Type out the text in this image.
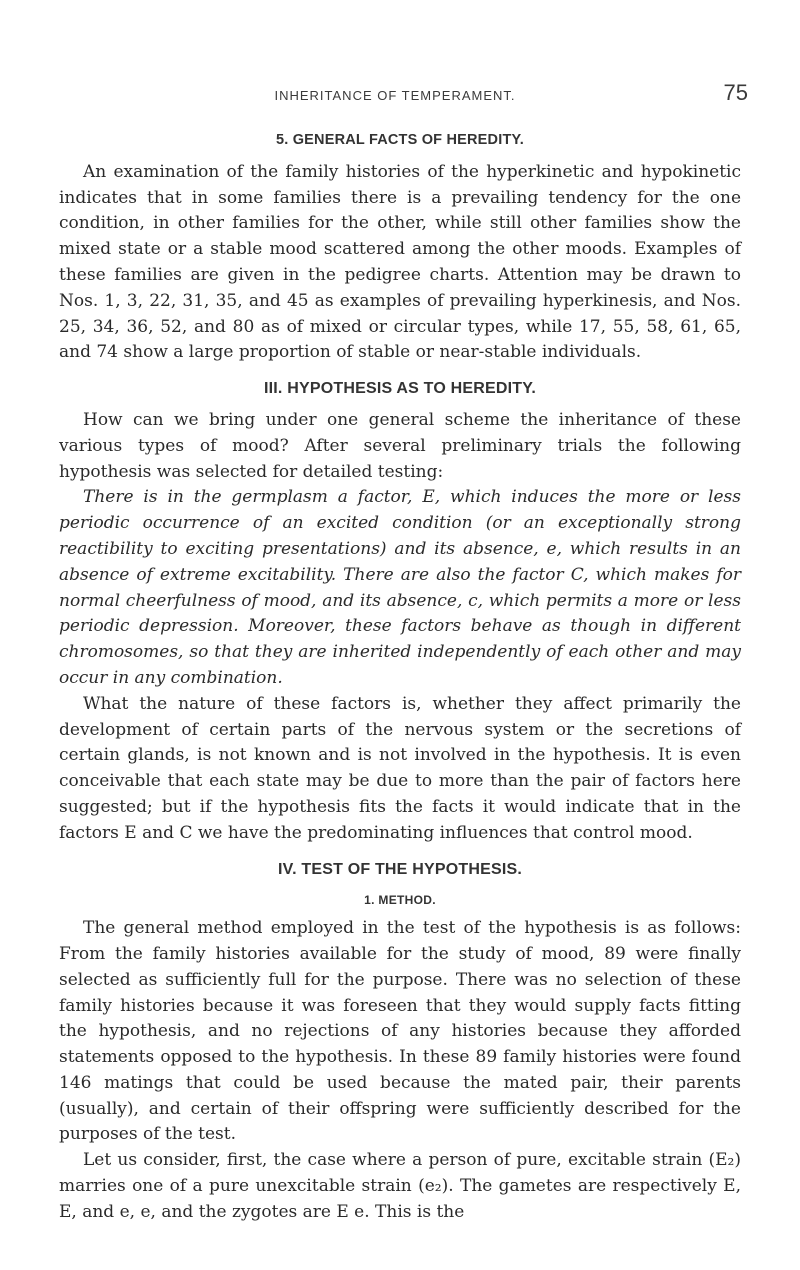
INHERITANCE OF TEMPERAMENT.	75
5. GENERAL FACTS OF HEREDITY.

An examination of the family histories of the hyperkinetic and hypokinetic indicates that in some families there is a prevailing tendency for the one condition, in other families for the other, while still other families show the mixed state or a stable mood scattered among the other moods. Examples of these families are given in the pedigree charts. Attention may be drawn to Nos. 1, 3, 22, 31, 35, and 45 as examples of prevailing hyperkinesis, and Nos. 25, 34, 36, 52, and 80 as of mixed or circular types, while 17, 55, 58, 61, 65, and 74 show a large proportion of stable or near-stable individuals.

III. HYPOTHESIS AS TO HEREDITY.

How can we bring under one general scheme the inheritance of these various types of mood? After several preliminary trials the following hypothesis was selected for detailed testing:

There is in the germplasm a factor, E, which induces the more or less periodic occurrence of an excited condition (or an exceptionally strong reactibility to exciting presentations) and its absence, e, which results in an absence of extreme excitability. There are also the factor C, which makes for normal cheerfulness of mood, and its absence, c, which permits a more or less periodic depression. Moreover, these factors behave as though in different chromosomes, so that they are inherited independently of each other and may occur in any combination.

What the nature of these factors is, whether they affect primarily the development of certain parts of the nervous system or the secretions of certain glands, is not known and is not involved in the hypothesis. It is even conceivable that each state may be due to more than the pair of factors here suggested; but if the hypothesis fits the facts it would indicate that in the factors E and C we have the predominating influences that control mood.

IV. TEST OF THE HYPOTHESIS.
1. METHOD.

The general method employed in the test of the hypothesis is as follows: From the family histories available for the study of mood, 89 were finally selected as sufficiently full for the purpose. There was no selection of these family histories because it was foreseen that they would supply facts fitting the hypothesis, and no rejections of any histories because they afforded statements opposed to the hypothesis. In these 89 family histories were found 146 matings that could be used because the mated pair, their parents (usually), and certain of their offspring were sufficiently described for the purposes of the test.

Let us consider, first, the case where a person of pure, excitable strain (E₂) marries one of a pure unexcitable strain (e₂). The gametes are respectively E, E, and e, e, and the zygotes are E e. This is the
